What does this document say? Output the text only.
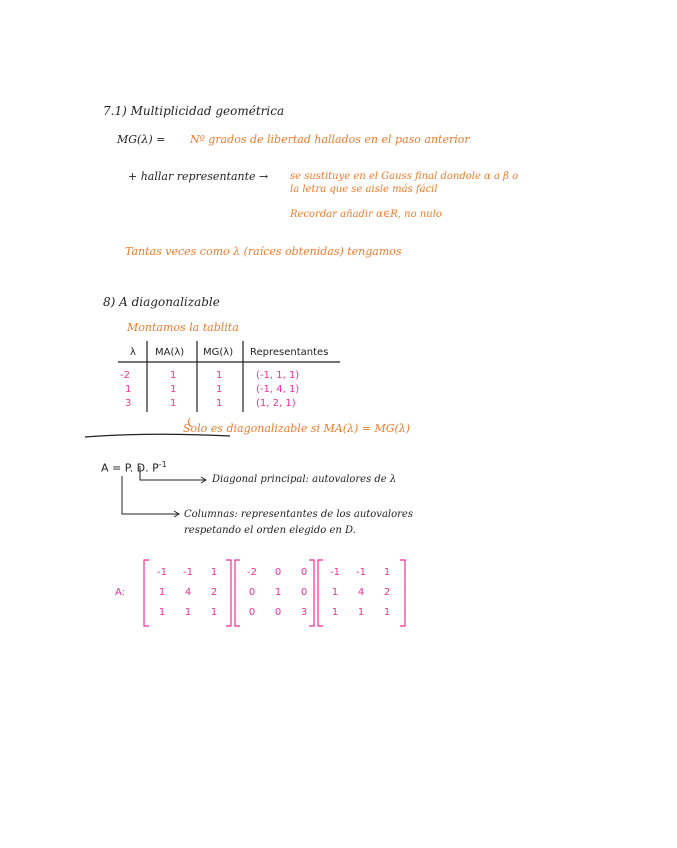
7.1) Multiplicidad geométrica
MG(λ) = Nº grados de libertad hallados en el paso anterior
+ hallar representante → se sustituye en el Gauss final dondole α a β o
la letra que se aisle más fácil
Recordar añadir α∈R, no nulo
Tantas veces como λ (raíces obtenidas) tengamos
8) A diagonalizable
Montamos la tablita
λ MA(λ) MG(λ) Representantes
-2	1	1	(-1, 1, 1)
1	1	1	(-1, 4, 1)
3	1	1	(1, 2, 1)
Solo es diagonalizable si MA(λ) = MG(λ)
A = P. D. $P^{-1}$
Diagonal principal: autovalores de λ
Columnas: representantes de los autovalores
respetando el orden elegido en D.
A:
-1	-1	1
1	4	2
1	1	1
-2	0	0
0	1	0
0	0	3
-1	-1	1
1	4	2
1	1	1
